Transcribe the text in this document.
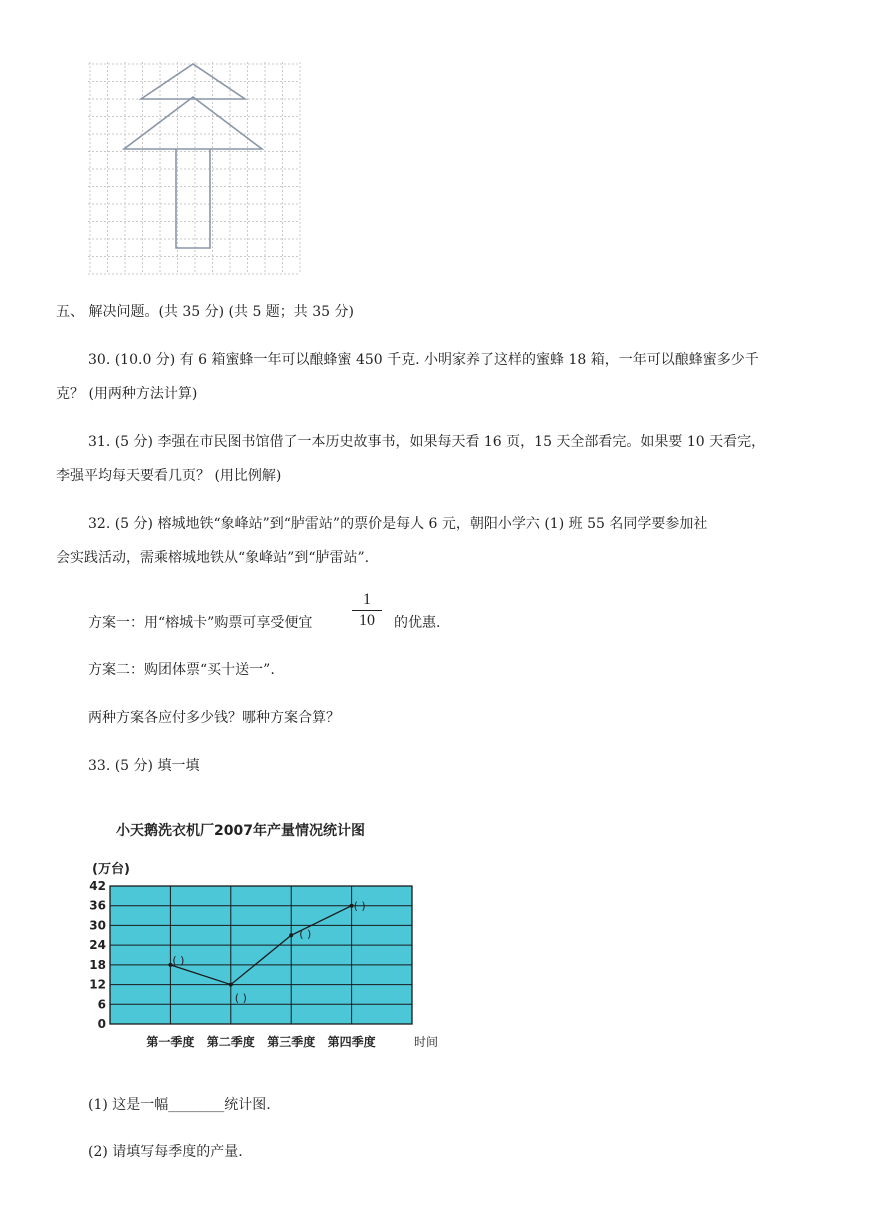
五、 解决问题。(共 35 分) (共 5 题；共 35 分)
30. (10.0 分) 有 6 箱蜜蜂一年可以酿蜂蜜 450 千克. 小明家养了这样的蜜蜂 18 箱，一年可以酿蜂蜜多少千
克？ (用两种方法计算)
31. (5 分) 李强在市民图书馆借了一本历史故事书，如果每天看 16 页，15 天全部看完。如果要 10 天看完，
李强平均每天要看几页？ (用比例解)
32. (5 分) 榕城地铁“象峰站”到“胪雷站”的票价是每人 6 元，朝阳小学六 (1) 班 55 名同学要参加社
会实践活动，需乘榕城地铁从“象峰站”到“胪雷站”.
方案一：用“榕城卡”购票可享受便宜
1
10	的优惠.
方案二：购团体票“买十送一”.
两种方案各应付多少钱？哪种方案合算？
33. (5 分) 填一填
小天鹅洗衣机厂2007年产量情况统计图
(万台)
0
6
12
18
24
30
36
42
第一季度 第二季度 第三季度 第四季度	时间
( )
( )
( )
( )
(1) 这是一幅________统计图.
(2) 请填写每季度的产量.
